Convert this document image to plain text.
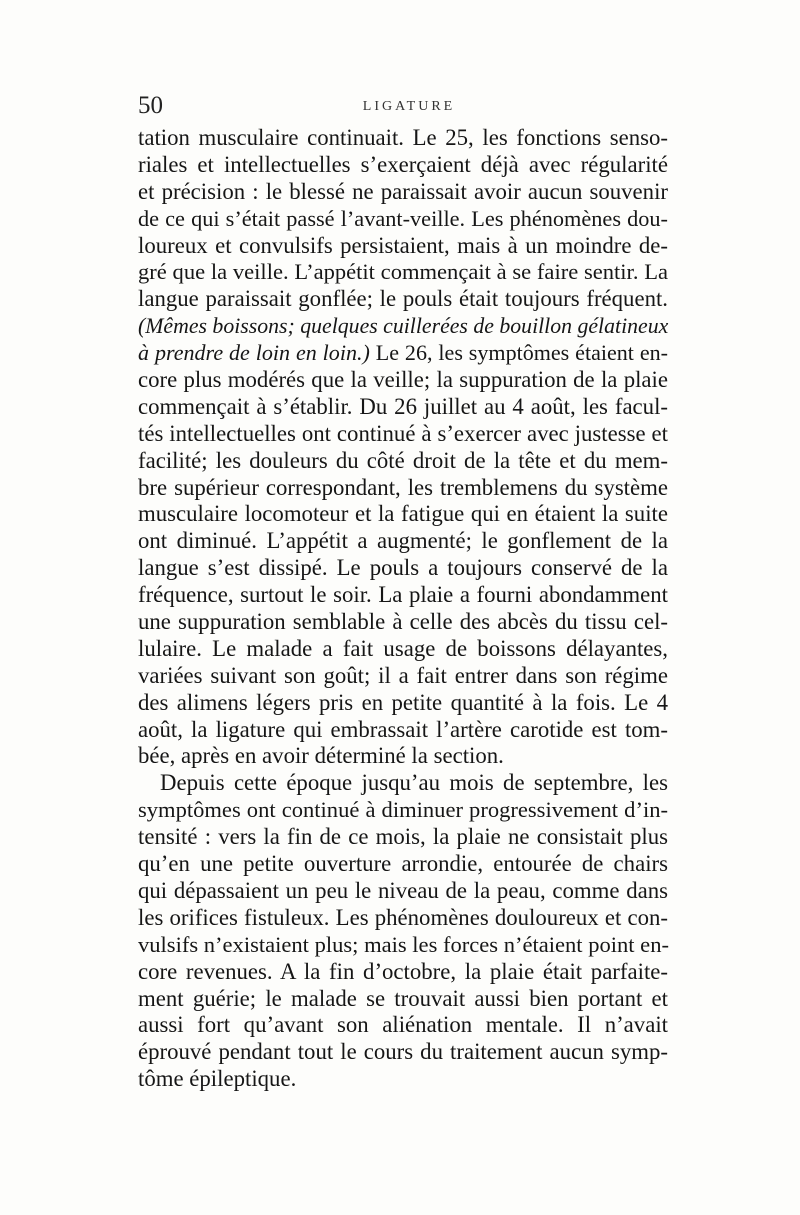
50	LIGATURE
tation musculaire continuait. Le 25, les fonctions senso-
riales et intellectuelles s’exerçaient déjà avec régularité
et précision : le blessé ne paraissait avoir aucun souvenir
de ce qui s’était passé l’avant-veille. Les phénomènes dou-
loureux et convulsifs persistaient, mais à un moindre de-
gré que la veille. L’appétit commençait à se faire sentir. La
langue paraissait gonflée; le pouls était toujours fréquent.
(Mêmes boissons; quelques cuillerées de bouillon gélatineux
à prendre de loin en loin.) Le 26, les symptômes étaient en-
core plus modérés que la veille; la suppuration de la plaie
commençait à s’établir. Du 26 juillet au 4 août, les facul-
tés intellectuelles ont continué à s’exercer avec justesse et
facilité; les douleurs du côté droit de la tête et du mem-
bre supérieur correspondant, les tremblemens du système
musculaire locomoteur et la fatigue qui en étaient la suite
ont diminué. L’appétit a augmenté; le gonflement de la
langue s’est dissipé. Le pouls a toujours conservé de la
fréquence, surtout le soir. La plaie a fourni abondamment
une suppuration semblable à celle des abcès du tissu cel-
lulaire. Le malade a fait usage de boissons délayantes,
variées suivant son goût; il a fait entrer dans son régime
des alimens légers pris en petite quantité à la fois. Le 4
août, la ligature qui embrassait l’artère carotide est tom-
bée, après en avoir déterminé la section.
Depuis cette époque jusqu’au mois de septembre, les
symptômes ont continué à diminuer progressivement d’in-
tensité : vers la fin de ce mois, la plaie ne consistait plus
qu’en une petite ouverture arrondie, entourée de chairs
qui dépassaient un peu le niveau de la peau, comme dans
les orifices fistuleux. Les phénomènes douloureux et con-
vulsifs n’existaient plus; mais les forces n’étaient point en-
core revenues. A la fin d’octobre, la plaie était parfaite-
ment guérie; le malade se trouvait aussi bien portant et
aussi fort qu’avant son aliénation mentale. Il n’avait
éprouvé pendant tout le cours du traitement aucun symp-
tôme épileptique.
